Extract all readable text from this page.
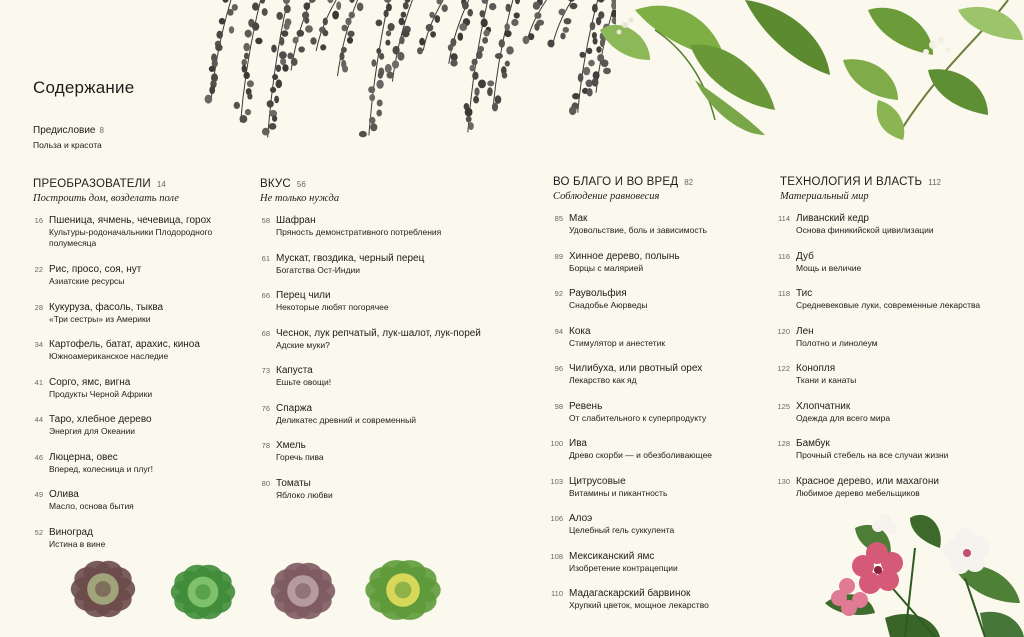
Содержание
Предисловие 8
Польза и красота
ПРЕОБРАЗОВАТЕЛИ 14
Построить дом, возделать поле
16 Пшеница, ячмень, чечевица, горох
Культуры-родоначальники Плодородного полумесяца
22 Рис, просо, соя, нут
Азиатские ресурсы
28 Кукуруза, фасоль, тыква
«Три сестры» из Америки
34 Картофель, батат, арахис, киноа
Южноамериканское наследие
41 Сорго, ямс, вигна
Продукты Черной Африки
44 Таро, хлебное дерево
Энергия для Океании
46 Люцерна, овес
Вперед, колесница и плуг!
49 Олива
Масло, основа бытия
52 Виноград
Истина в вине
ВКУС 56
Не только нужда
58 Шафран
Пряность демонстративного потребления
61 Мускат, гвоздика, черный перец
Богатства Ост-Индии
66 Перец чили
Некоторые любят погорячее
68 Чеснок, лук репчатый, лук-шалот, лук-порей
Адские муки?
73 Капуста
Ешьте овощи!
76 Спаржа
Деликатес древний и современный
78 Хмель
Горечь пива
80 Томаты
Яблоко любви
ВО БЛАГО И ВО ВРЕД 82
Соблюдение равновесия
85 Мак
Удовольствие, боль и зависимость
89 Хинное дерево, полынь
Борцы с малярией
92 Раувольфия
Снадобье Аюрведы
94 Кока
Стимулятор и анестетик
96 Чилибуха, или рвотный орех
Лекарство как яд
98 Ревень
От слабительного к суперпродукту
100 Ива
Древо скорби — и обезболивающее
103 Цитрусовые
Витамины и пикантность
106 Алоэ
Целебный гель суккулента
108 Мексиканский ямс
Изобретение контрацепции
110 Мадагаскарский барвинок
Хрупкий цветок, мощное лекарство
ТЕХНОЛОГИЯ И ВЛАСТЬ 112
Материальный мир
114 Ливанский кедр
Основа финикийской цивилизации
116 Дуб
Мощь и величие
118 Тис
Средневековые луки, современные лекарства
120 Лен
Полотно и линолеум
122 Конопля
Ткани и канаты
125 Хлопчатник
Одежда для всего мира
128 Бамбук
Прочный стебель на все случаи жизни
130 Красное дерево, или махагони
Любимое дерево мебельщиков
